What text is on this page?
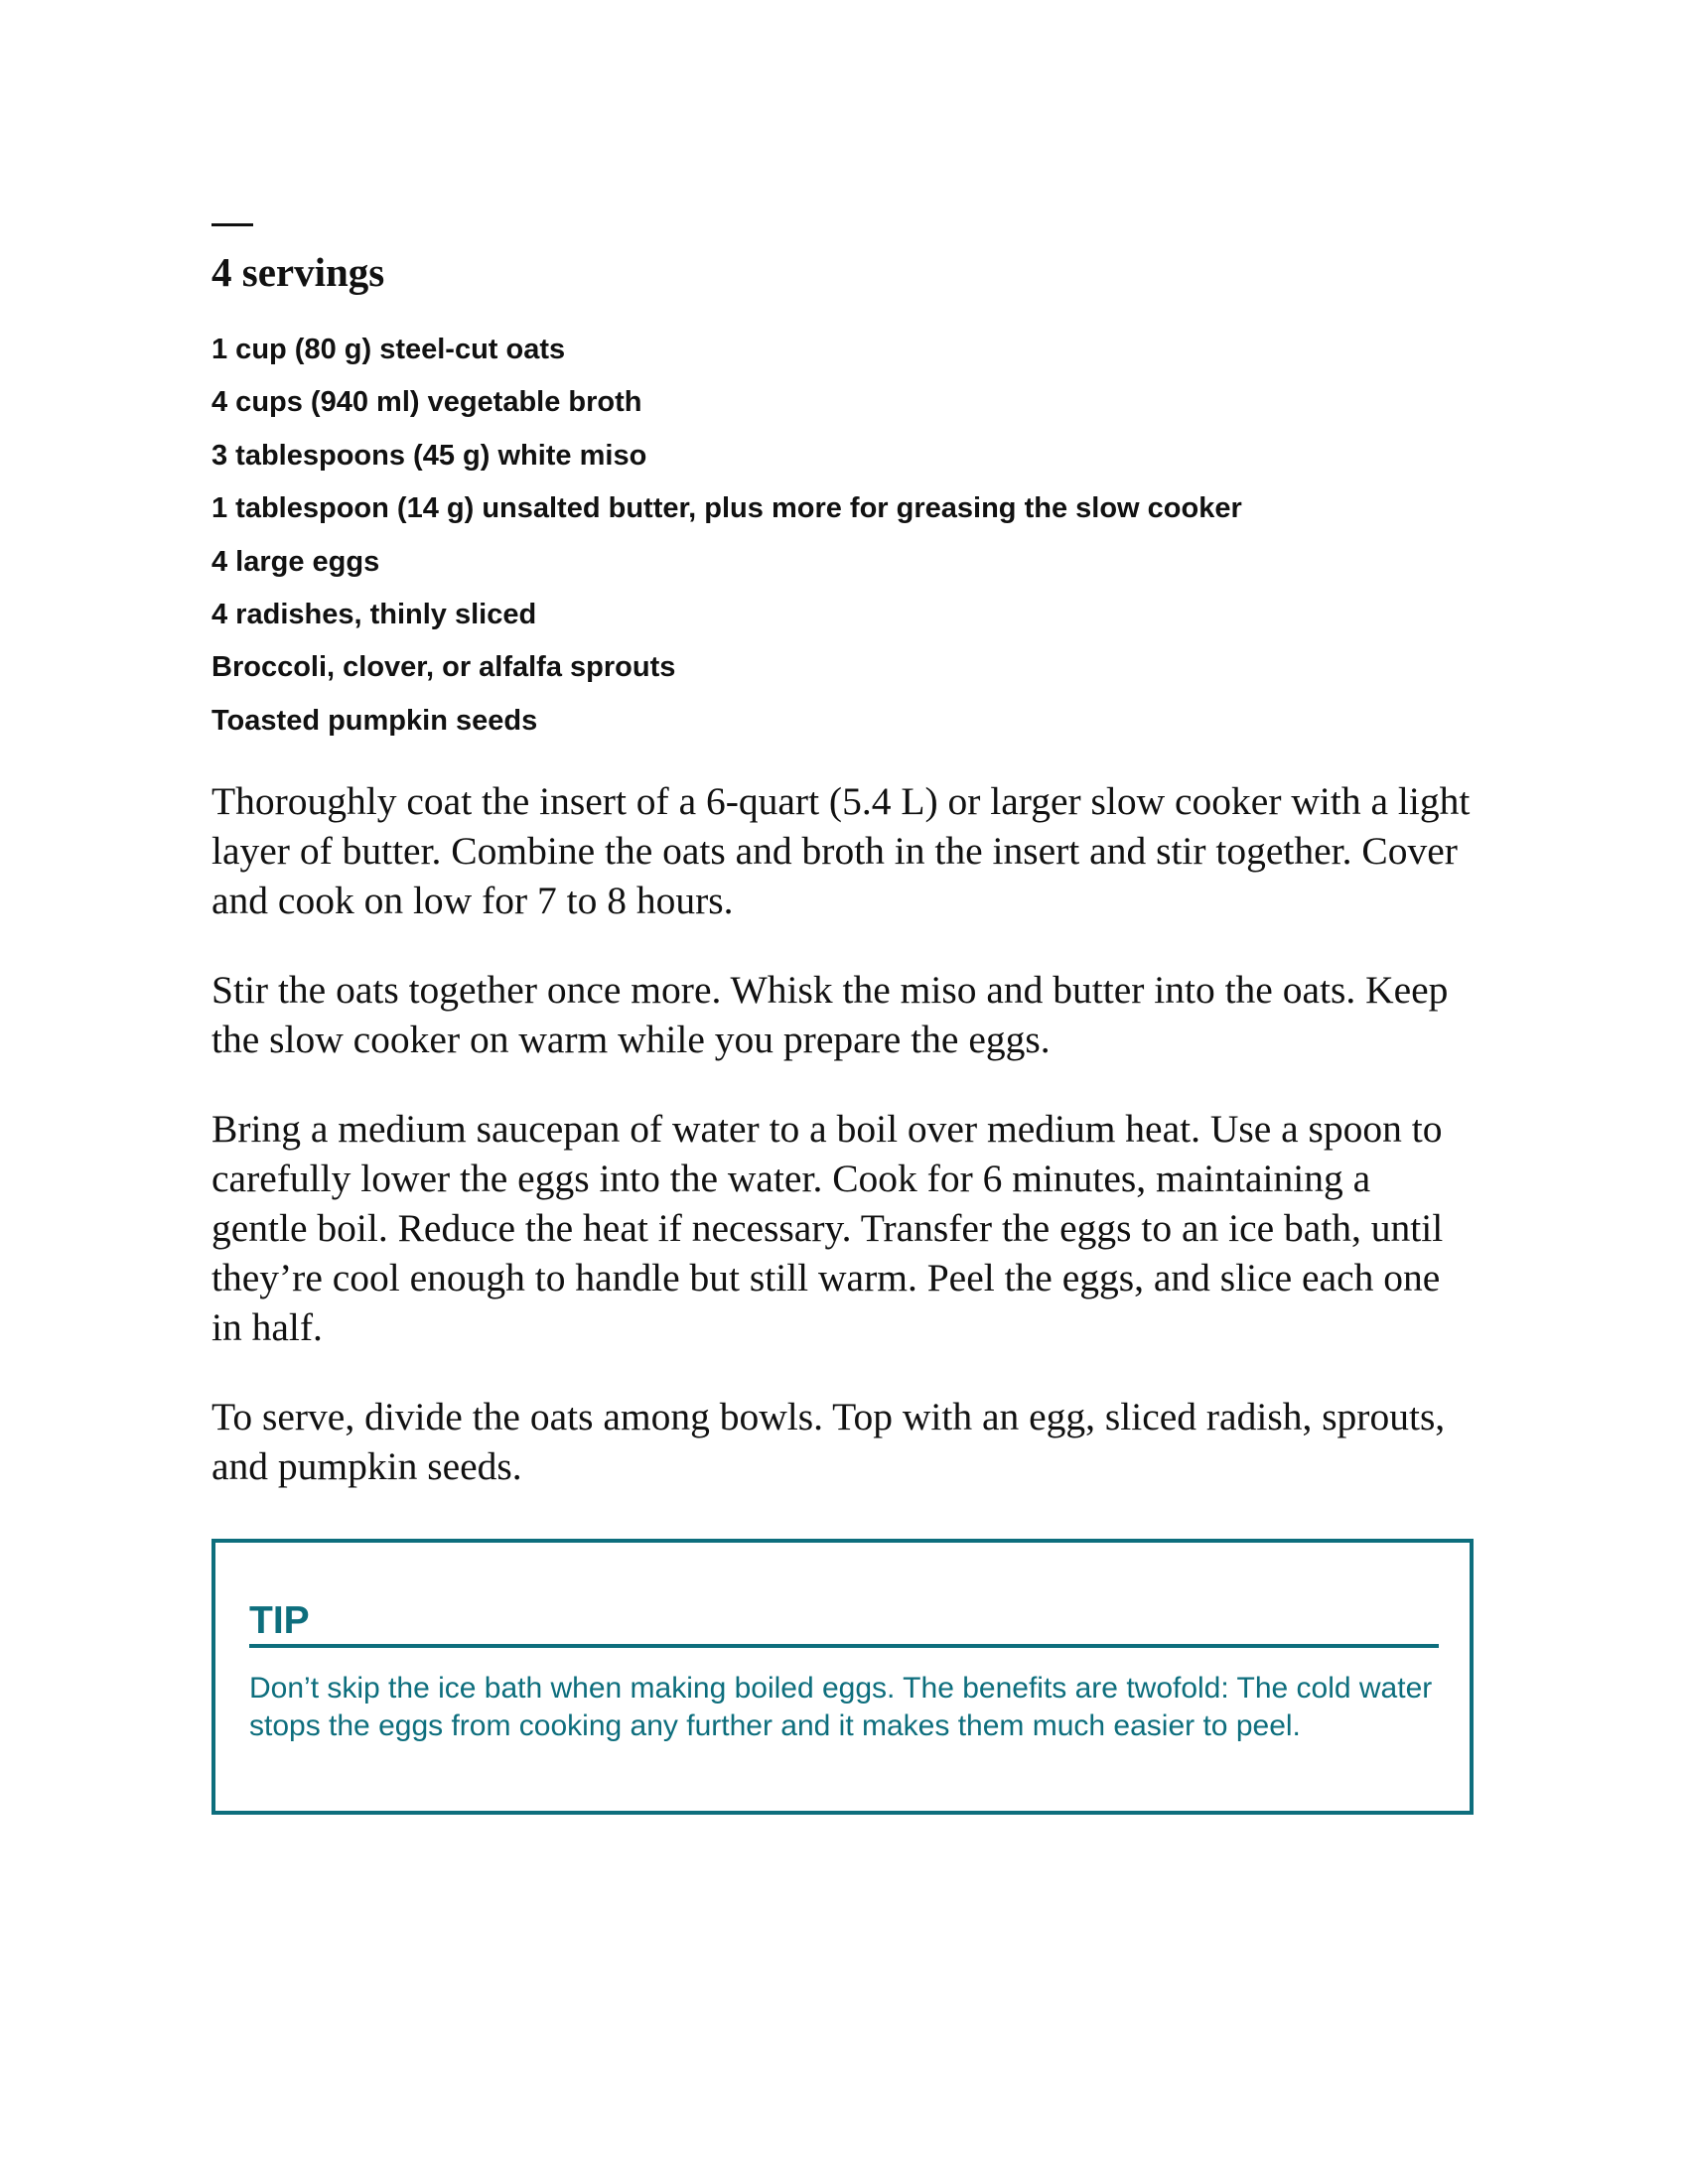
4 servings
1 cup (80 g) steel-cut oats
4 cups (940 ml) vegetable broth
3 tablespoons (45 g) white miso
1 tablespoon (14 g) unsalted butter, plus more for greasing the slow cooker
4 large eggs
4 radishes, thinly sliced
Broccoli, clover, or alfalfa sprouts
Toasted pumpkin seeds

Thoroughly coat the insert of a 6-quart (5.4 L) or larger slow cooker with a light layer of butter. Combine the oats and broth in the insert and stir together. Cover and cook on low for 7 to 8 hours.

Stir the oats together once more. Whisk the miso and butter into the oats. Keep the slow cooker on warm while you prepare the eggs.

Bring a medium saucepan of water to a boil over medium heat. Use a spoon to carefully lower the eggs into the water. Cook for 6 minutes, maintaining a gentle boil. Reduce the heat if necessary. Transfer the eggs to an ice bath, until they’re cool enough to handle but still warm. Peel the eggs, and slice each one in half.

To serve, divide the oats among bowls. Top with an egg, sliced radish, sprouts, and pumpkin seeds.

TIP

Don’t skip the ice bath when making boiled eggs. The benefits are twofold: The cold water stops the eggs from cooking any further and it makes them much easier to peel.
